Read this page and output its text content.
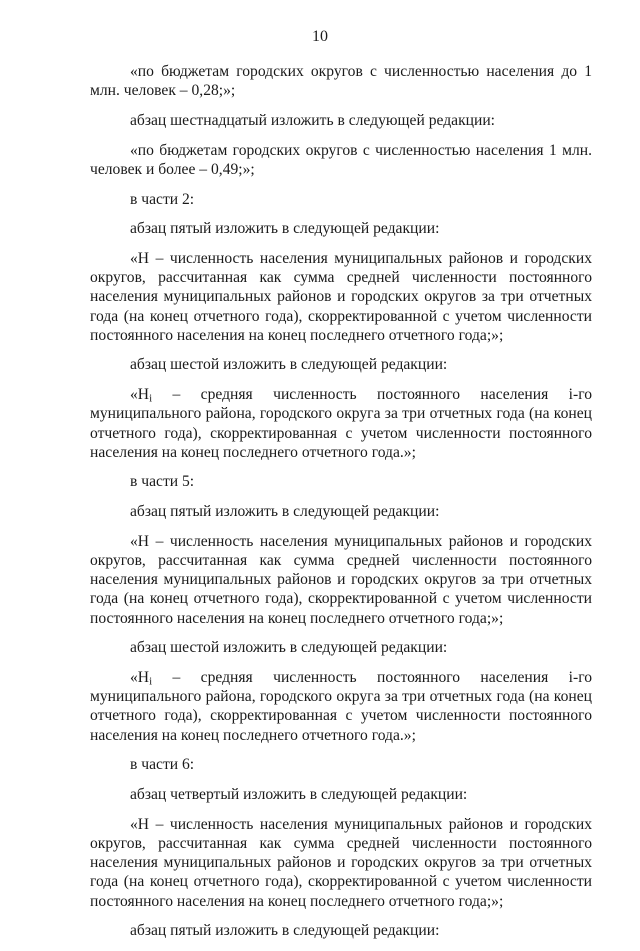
10

«по бюджетам городских округов с численностью населения до 1 млн. человек – 0,28;»;

абзац шестнадцатый изложить в следующей редакции:

«по бюджетам городских округов с численностью населения 1 млн. человек и более – 0,49;»;

в части 2:

абзац пятый изложить в следующей редакции:

«Н – численность населения муниципальных районов и городских округов, рассчитанная как сумма средней численности постоянного населения муниципальных районов и городских округов за три отчетных года (на конец отчетного года), скорректированной с учетом численности постоянного населения на конец последнего отчетного года;»;

абзац шестой изложить в следующей редакции:

«$Н_i$ – средняя численность постоянного населения i-го муниципального района, городского округа за три отчетных года (на конец отчетного года), скорректированная с учетом численности постоянного населения на конец последнего отчетного года.»;

в части 5:

абзац пятый изложить в следующей редакции:

«Н – численность населения муниципальных районов и городских округов, рассчитанная как сумма средней численности постоянного населения муниципальных районов и городских округов за три отчетных года (на конец отчетного года), скорректированной с учетом численности постоянного населения на конец последнего отчетного года;»;

абзац шестой изложить в следующей редакции:

«$Н_i$ – средняя численность постоянного населения i-го муниципального района, городского округа за три отчетных года (на конец отчетного года), скорректированная с учетом численности постоянного населения на конец последнего отчетного года.»;

в части 6:

абзац четвертый изложить в следующей редакции:

«Н – численность населения муниципальных районов и городских округов, рассчитанная как сумма средней численности постоянного населения муниципальных районов и городских округов за три отчетных года (на конец отчетного года), скорректированной с учетом численности постоянного населения на конец последнего отчетного года;»;

абзац пятый изложить в следующей редакции:
